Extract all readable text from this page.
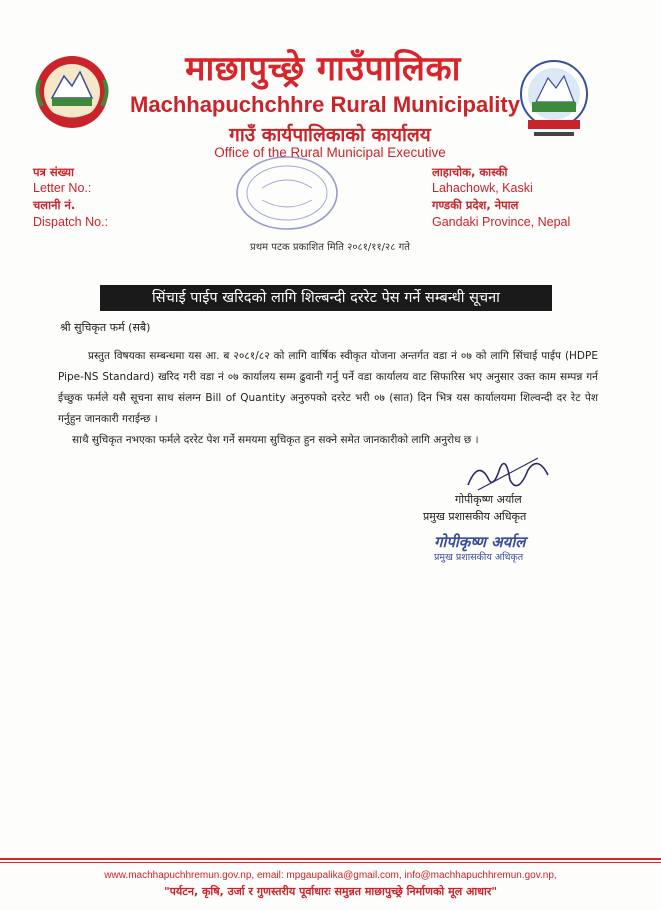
माछापुच्छ्रे गाउँपालिका
Machhapuchchhre Rural Municipality
गाउँ कार्यपालिकाको कार्यालय
Office of the Rural Municipal Executive
पत्र संख्या
Letter No.:
चलानी नं.
Dispatch No.:
लाहाचोक, कास्की
Lahachowk, Kaski
गण्डकी प्रदेश, नेपाल
Gandaki Province, Nepal
प्रथम पटक प्रकाशित मिति २०८१/११/२८ गते
सिंचाई पाईप खरिदको लागि शिल्बन्दी दररेट पेस गर्ने सम्बन्धी सूचना
श्री सुचिकृत फर्म (सबै)
प्रस्तुत विषयका सम्बन्धमा यस आ. ब २०८१/८२ को लागि वार्षिक स्वीकृत योजना अन्तर्गत वडा नं ०७ को लागि सिंचाई पाईप (HDPE Pipe-NS Standard) खरिद गरी वडा नं ०७ कार्यालय सम्म ढुवानी गर्नु पर्ने वडा कार्यालय वाट सिफारिस भए अनुसार उक्त काम सम्पन्न गर्न ईच्छुक फर्मले यसै सूचना साथ संलग्न Bill of Quantity अनुरुपको दररेट भरी ०७ (सात) दिन भित्र यस कार्यालयमा शिल्वन्दी दर रेट पेश गर्नुहुन जानकारी गराईन्छ ।
साथै सुचिकृत नभएका फर्मले दररेट पेश गर्ने समयमा सुचिकृत हुन सक्ने समेत जानकारीको लागि अनुरोध छ ।
गोपीकृष्ण अर्याल
प्रमुख प्रशासकीय अधिकृत
गोपीकृष्ण अर्याल
प्रमुख प्रशासकीय अधिकृत
www.machhapuchhremun.gov.np, email: mpgaupalika@gmail.com, info@machhapuchhremun.gov.np,
"पर्यटन, कृषि, उर्जा र गुणस्तरीय पूर्वाधारः समुन्नत माछापुच्छ्रे निर्माणको मूल आधार"
